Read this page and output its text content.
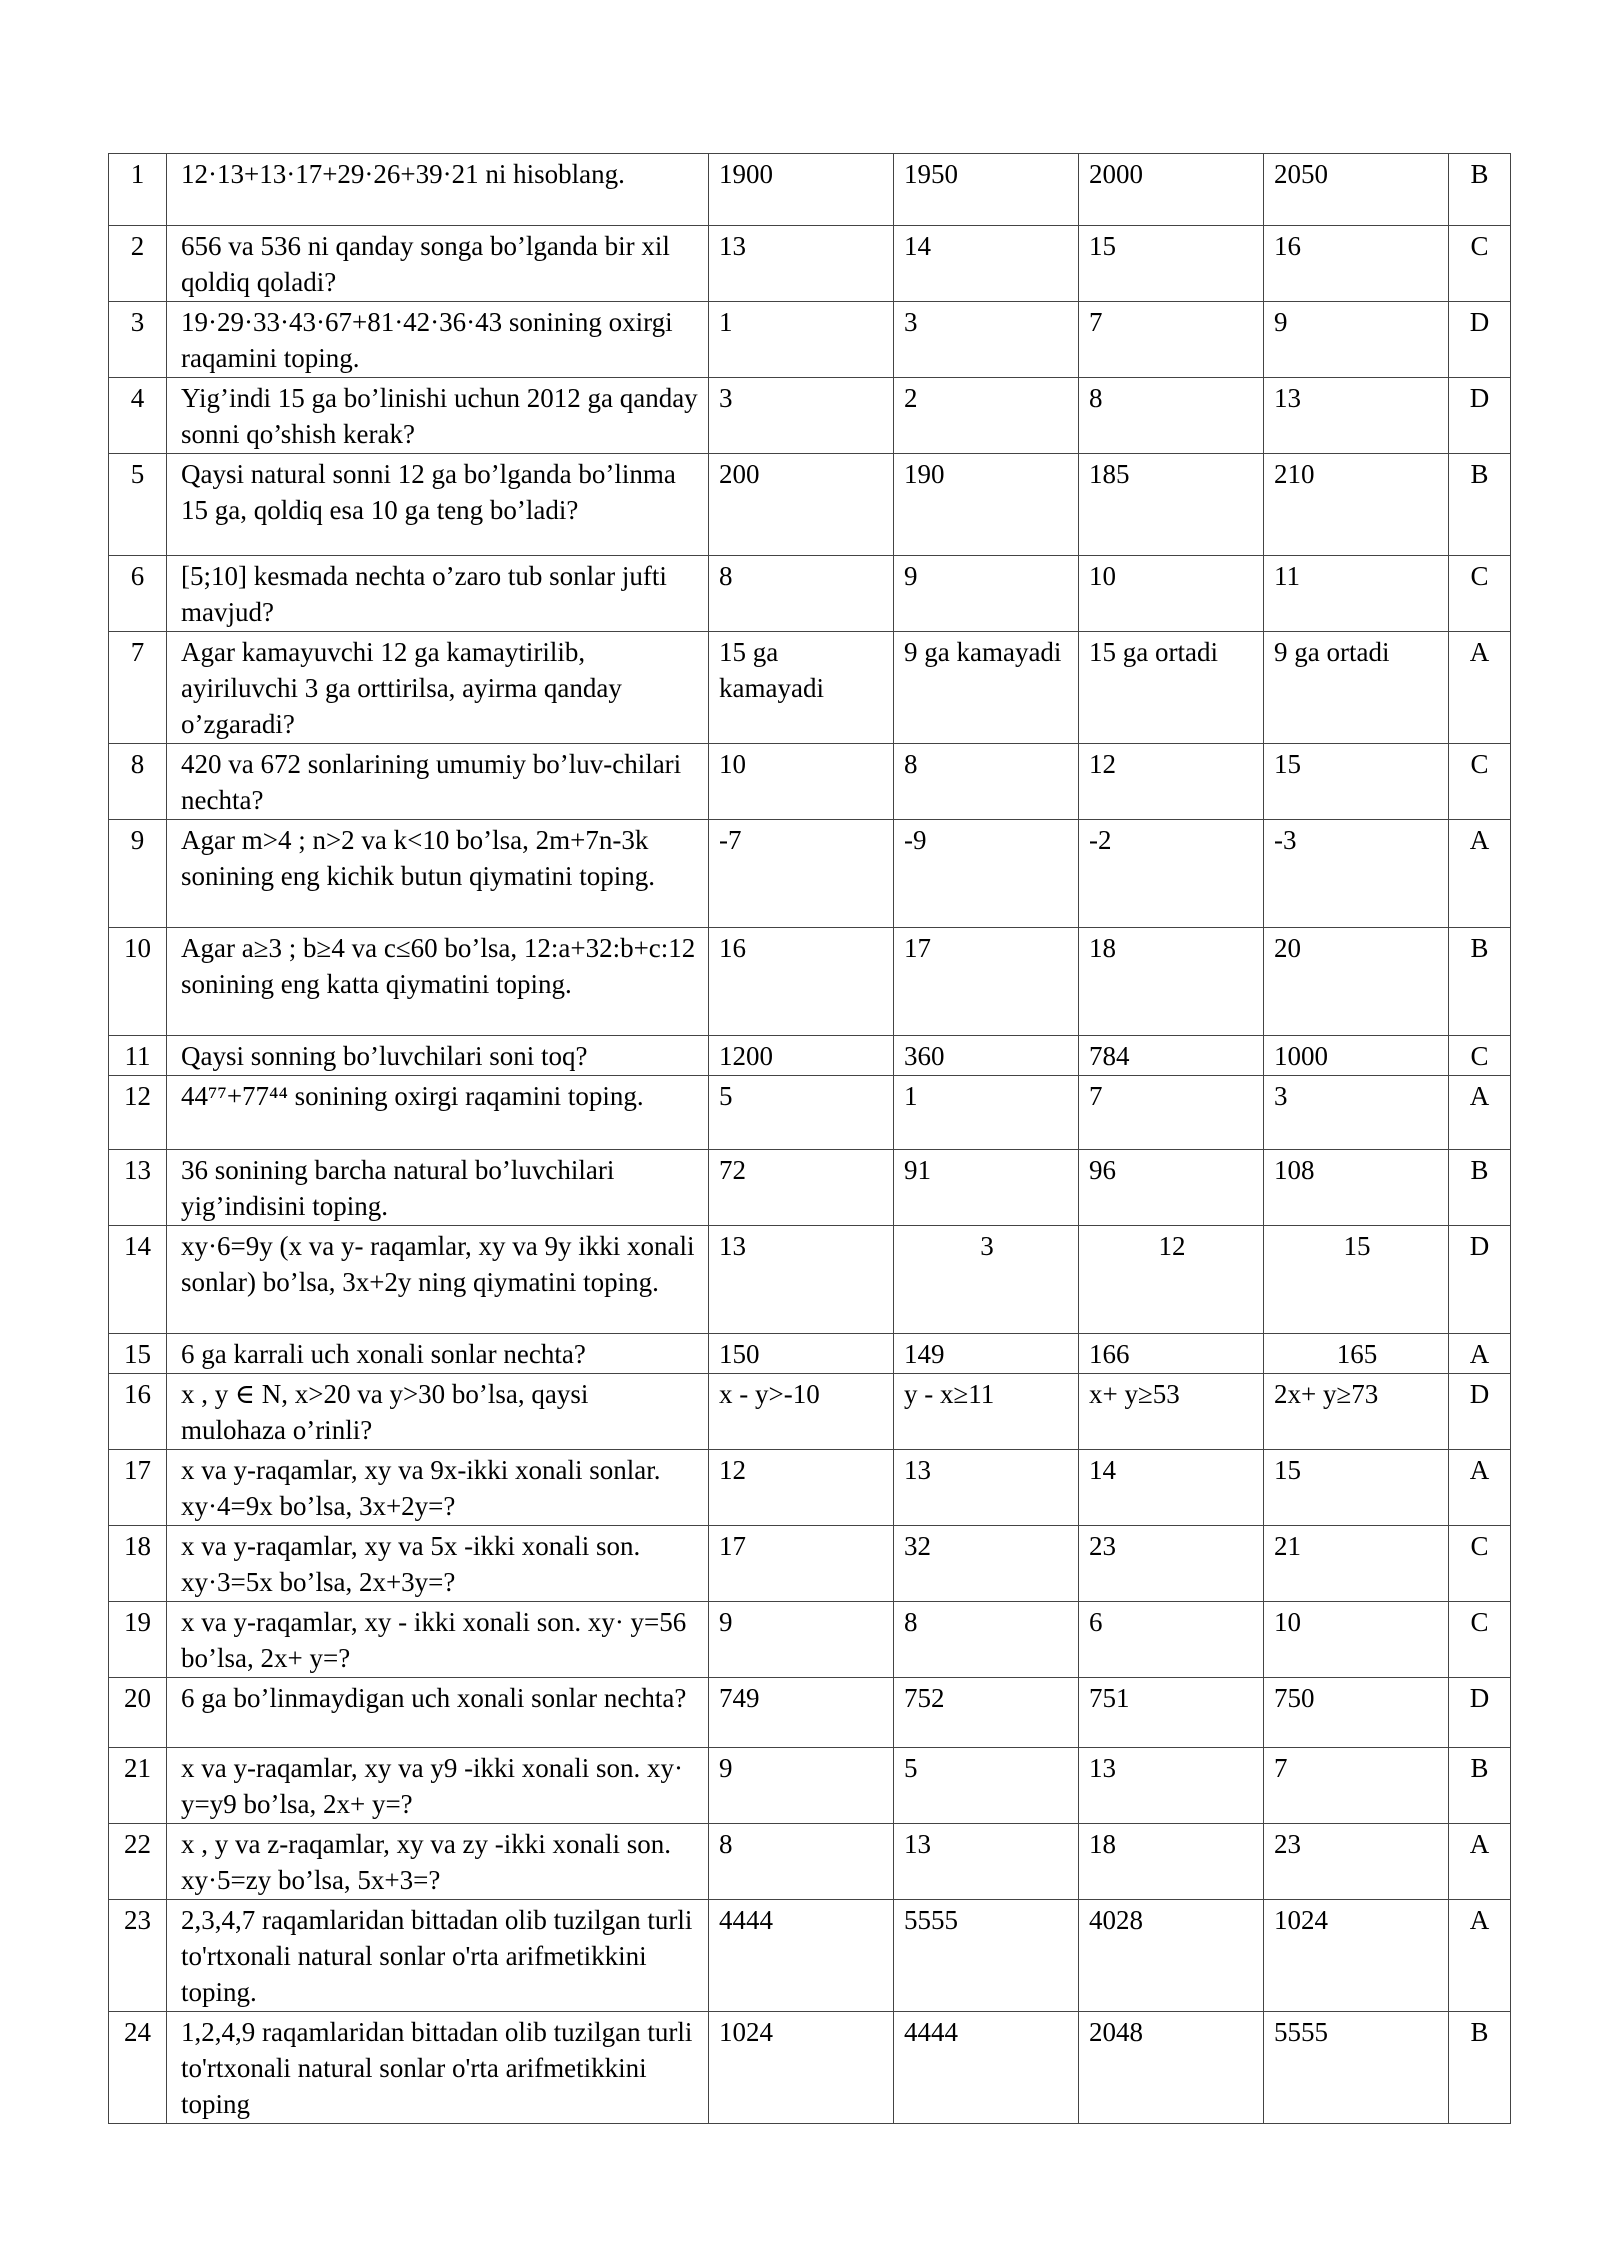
1	12·13+13·17+29·26+39·21 ni hisoblang.	1900	1950	2000	2050	B
2	656 va 536 ni qanday songa bo’lganda bir xil qoldiq qoladi?	13	14	15	16	C
3	19·29·33·43·67+81·42·36·43 sonining oxirgi raqamini toping.	1	3	7	9	D
4	Yig’indi 15 ga bo’linishi uchun 2012 ga qanday sonni qo’shish kerak?	3	2	8	13	D
5	Qaysi natural sonni 12 ga bo’lganda bo’linma 15 ga, qoldiq esa 10 ga teng bo’ladi?	200	190	185	210	B
6	[5;10] kesmada nechta o’zaro tub sonlar jufti mavjud?	8	9	10	11	C
7	Agar kamayuvchi 12 ga kamaytirilib, ayiriluvchi 3 ga orttirilsa, ayirma qanday o’zgaradi?	15 ga kamayadi	9 ga kamayadi	15 ga ortadi	9 ga ortadi	A
8	420 va 672 sonlarining umumiy bo’luv-chilari nechta?	10	8	12	15	C
9	Agar m>4 ; n>2 va k<10 bo’lsa, 2m+7n-3k sonining eng kichik butun qiymatini toping.	-7	-9	-2	-3	A
10	Agar a≥3 ; b≥4 va c≤60 bo’lsa, 12:a+32:b+c:12 sonining eng katta qiymatini toping.	16	17	18	20	B
11	Qaysi sonning bo’luvchilari soni toq?	1200	360	784	1000	C
12	44⁷⁷+77⁴⁴ sonining oxirgi raqamini toping.	5	1	7	3	A
13	36 sonining barcha natural bo’luvchilari yig’indisini toping.	72	91	96	108	B
14	xy·6=9y (x va y- raqamlar, xy va 9y ikki xonali sonlar) bo’lsa, 3x+2y ning qiymatini toping.	13	3	12	15	D
15	6 ga karrali uch xonali sonlar nechta?	150	149	166	165	A
16	x , y ∈ N, x>20 va y>30 bo’lsa, qaysi mulohaza o’rinli?	x - y>-10	y - x≥11	x+ y≥53	2x+ y≥73	D
17	x va y-raqamlar, xy va 9x-ikki xonali sonlar. xy·4=9x bo’lsa, 3x+2y=?	12	13	14	15	A
18	x va y-raqamlar, xy va 5x -ikki xonali son. xy·3=5x bo’lsa, 2x+3y=?	17	32	23	21	C
19	x va y-raqamlar, xy - ikki xonali son. xy· y=56 bo’lsa, 2x+ y=?	9	8	6	10	C
20	6 ga bo’linmaydigan uch xonali sonlar nechta?	749	752	751	750	D
21	x va y-raqamlar, xy va y9 -ikki xonali son. xy· y=y9 bo’lsa, 2x+ y=?	9	5	13	7	B
22	x , y va z-raqamlar, xy va zy -ikki xonali son. xy·5=zy bo’lsa, 5x+3=?	8	13	18	23	A
23	2,3,4,7 raqamlaridan bittadan olib tuzilgan turli to'rtxonali natural sonlar o'rta arifmetikkini toping.	4444	5555	4028	1024	A
24	1,2,4,9 raqamlaridan bittadan olib tuzilgan turli to'rtxonali natural sonlar o'rta arifmetikkini toping	1024	4444	2048	5555	B
